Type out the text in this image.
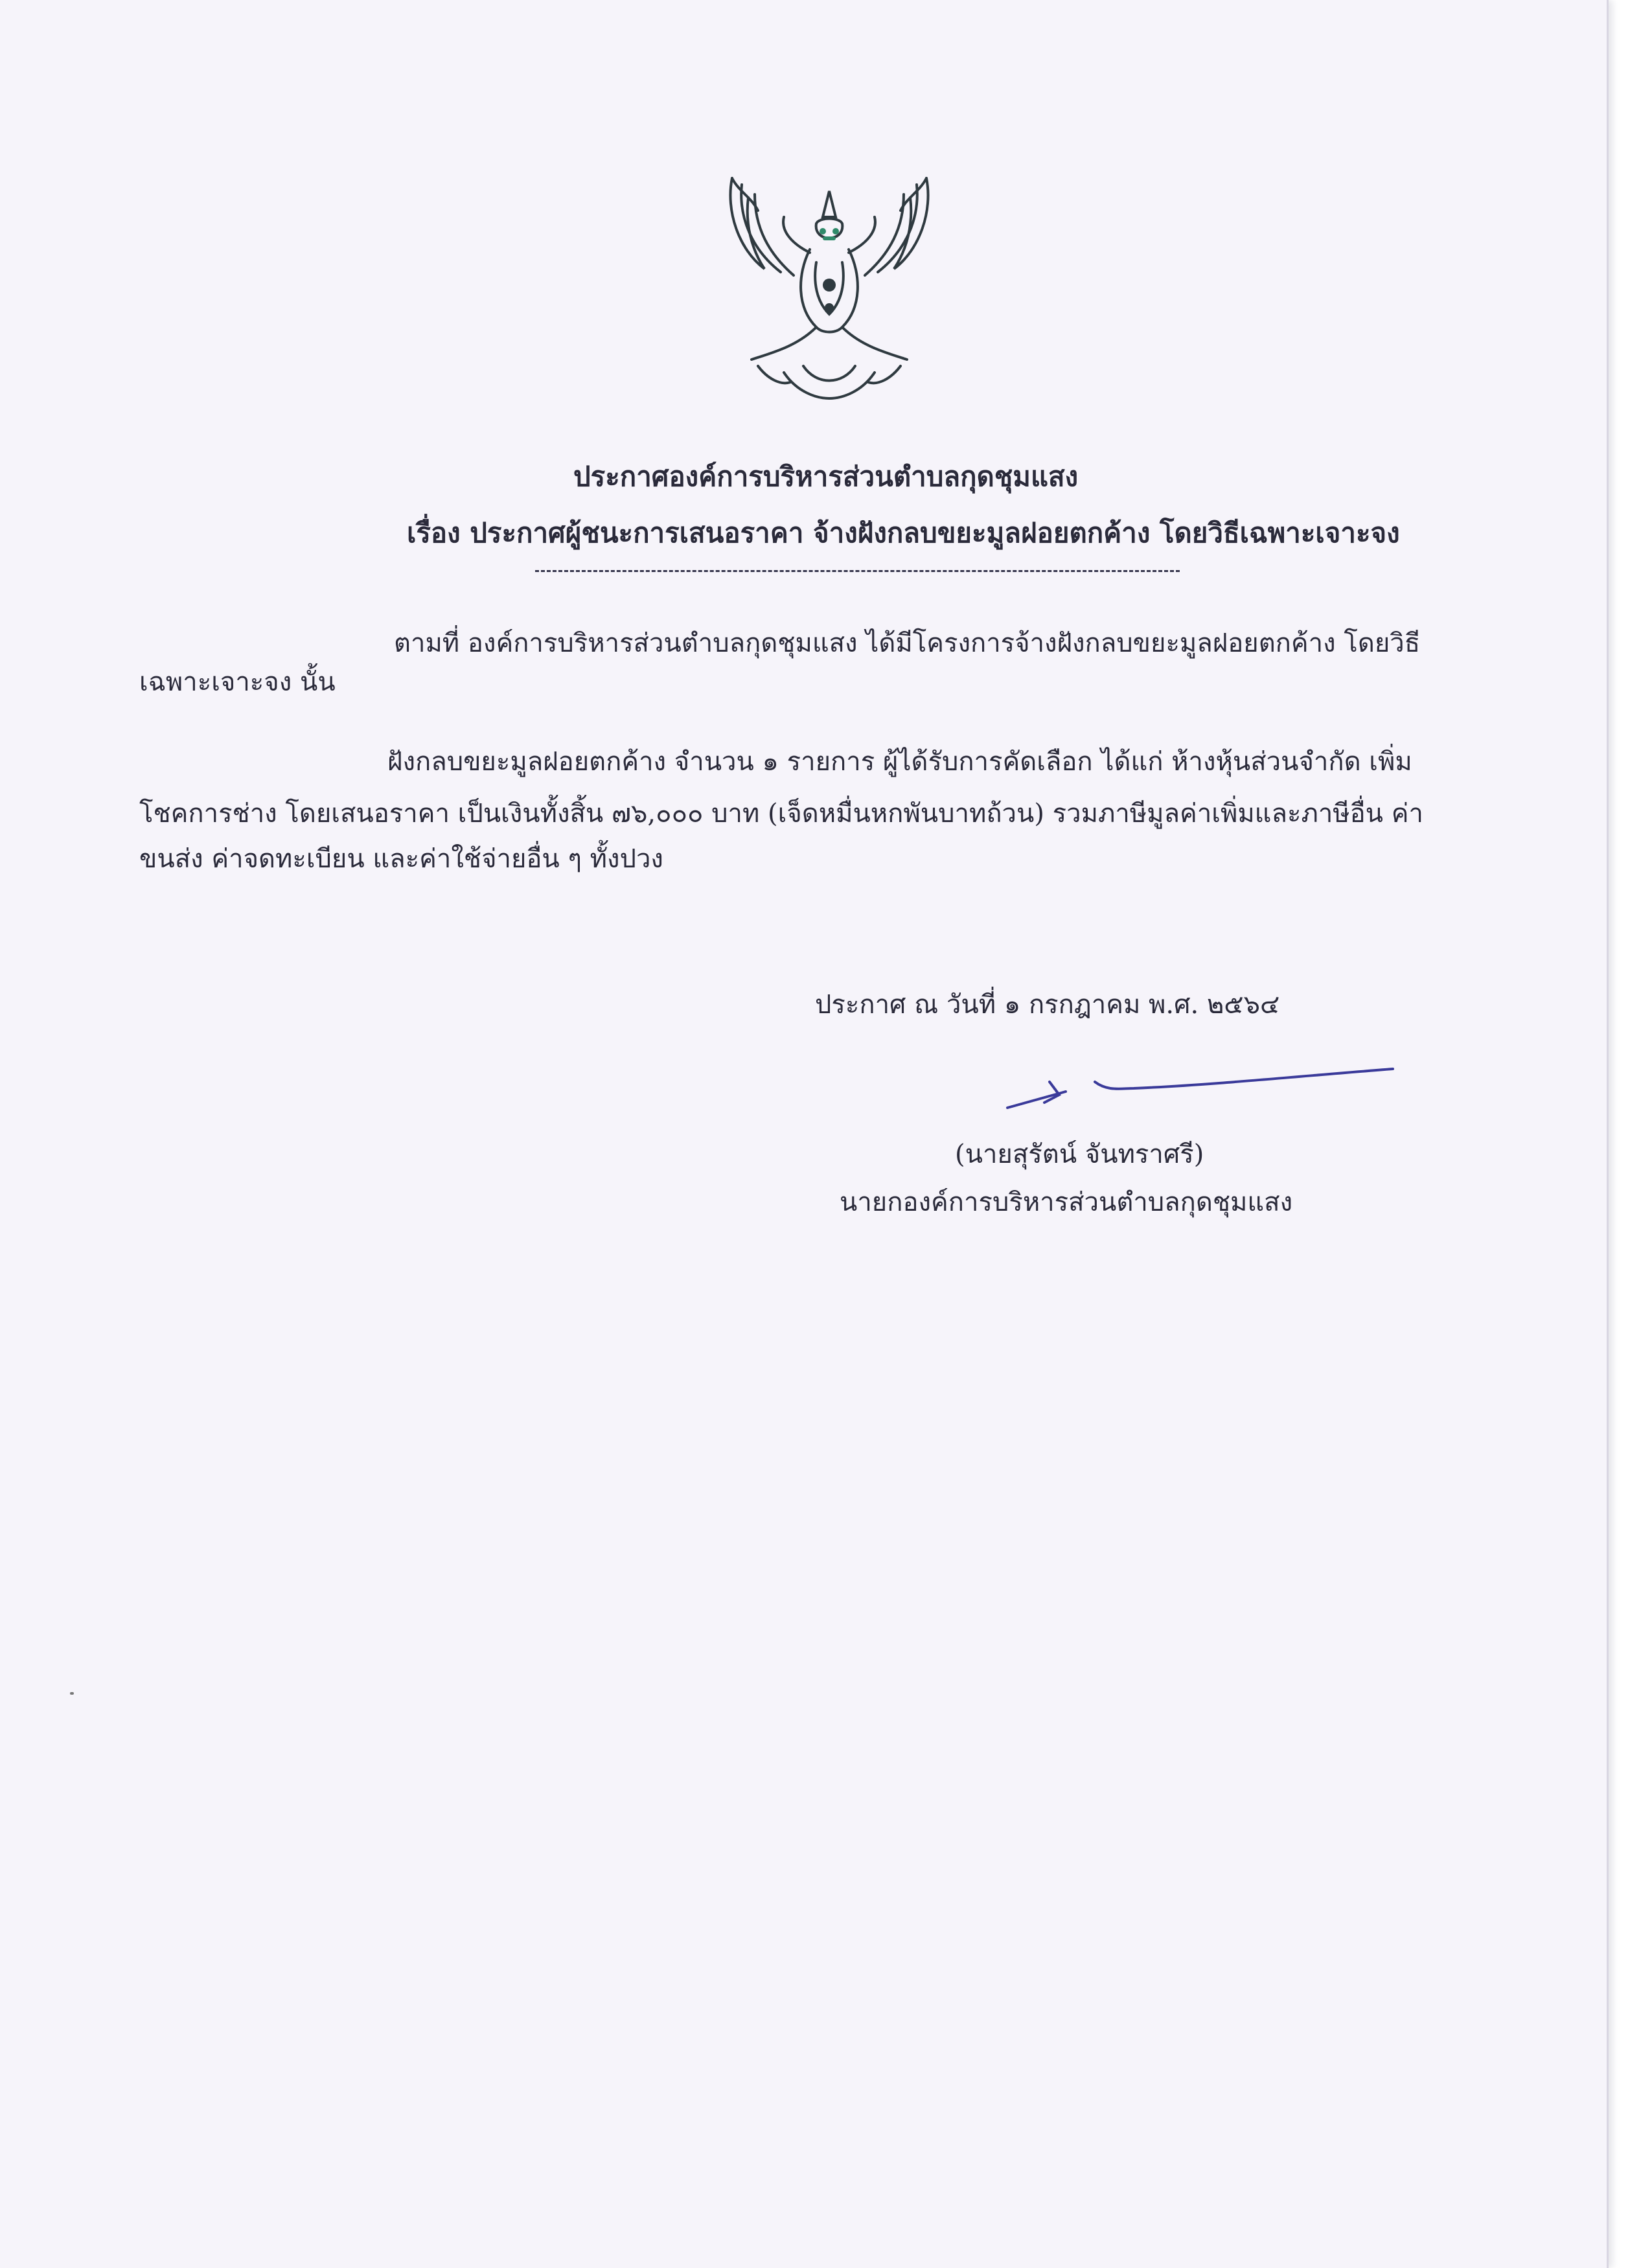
ประกาศองค์การบริหารส่วนตำบลกุดชุมแสง
เรื่อง ประกาศผู้ชนะการเสนอราคา จ้างฝังกลบขยะมูลฝอยตกค้าง โดยวิธีเฉพาะเจาะจง
ตามที่ องค์การบริหารส่วนตำบลกุดชุมแสง ได้มีโครงการจ้างฝังกลบขยะมูลฝอยตกค้าง โดยวิธี
เฉพาะเจาะจง นั้น
ฝังกลบขยะมูลฝอยตกค้าง จำนวน ๑ รายการ ผู้ได้รับการคัดเลือก ได้แก่ ห้างหุ้นส่วนจำกัด เพิ่ม
โชคการช่าง โดยเสนอราคา เป็นเงินทั้งสิ้น ๗๖,๐๐๐ บาท (เจ็ดหมื่นหกพันบาทถ้วน) รวมภาษีมูลค่าเพิ่มและภาษีอื่น ค่า
ขนส่ง ค่าจดทะเบียน และค่าใช้จ่ายอื่น ๆ ทั้งปวง
ประกาศ ณ วันที่ ๑ กรกฎาคม พ.ศ. ๒๕๖๔
(นายสุรัตน์ จันทราศรี)
นายกองค์การบริหารส่วนตำบลกุดชุมแสง
